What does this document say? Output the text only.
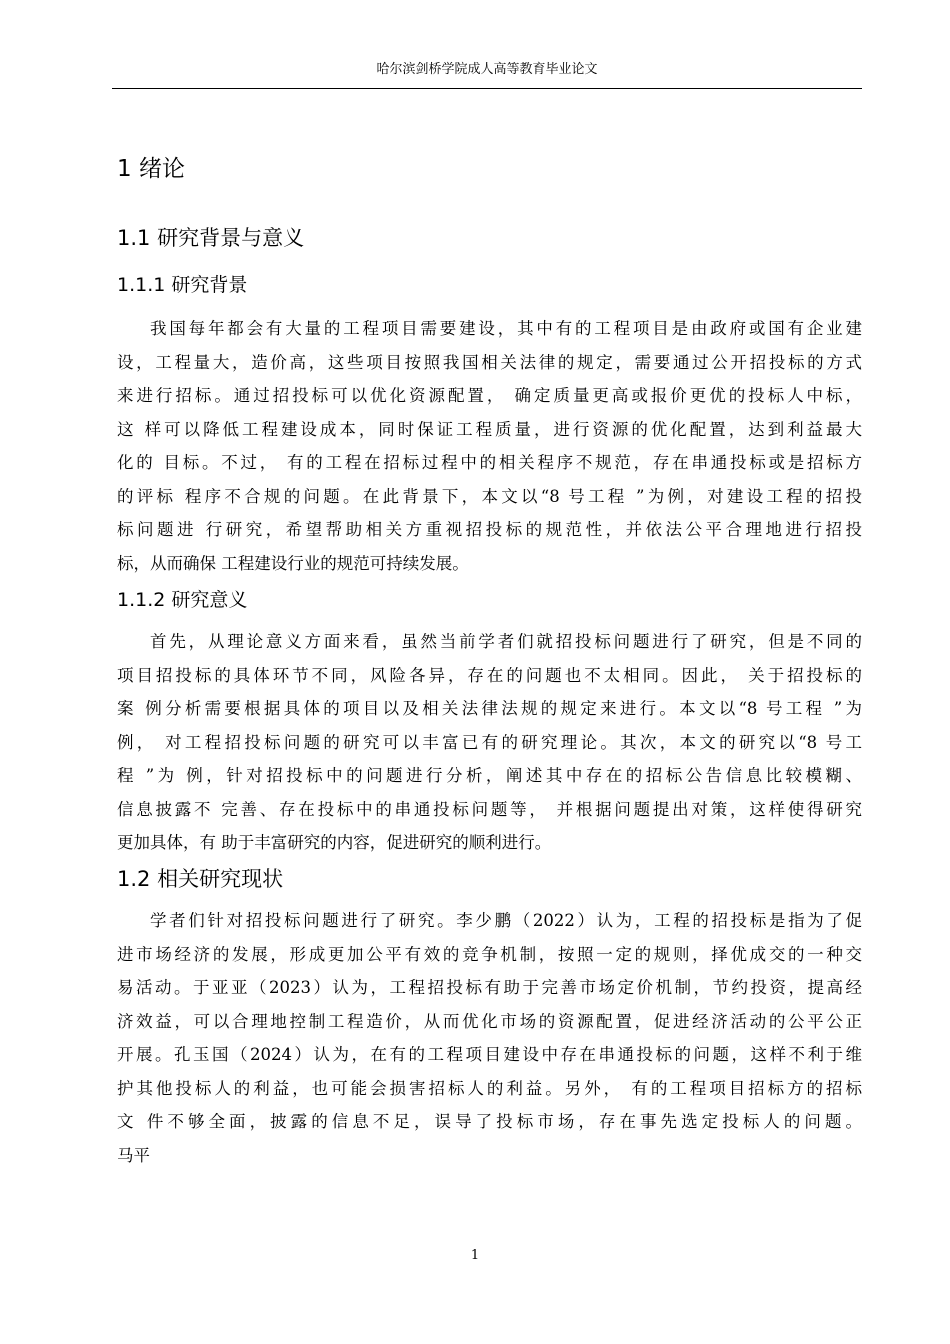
哈尔滨剑桥学院成人高等教育毕业论文
1 绪论
1.1 研究背景与意义
1.1.1 研究背景
我国每年都会有大量的工程项目需要建设，其中有的工程项目是由政府或国有企业建
设，工程量大，造价高，这些项目按照我国相关法律的规定，需要通过公开招投标的方式
来进行招标。通过招投标可以优化资源配置， 确定质量更高或报价更优的投标人中标，
这 样可以降低工程建设成本，同时保证工程质量，进行资源的优化配置，达到利益最大
化的 目标。不过， 有的工程在招标过程中的相关程序不规范，存在串通投标或是招标方
的评标 程序不合规的问题。在此背景下，本文以“8 号工程 ”为例，对建设工程的招投
标问题进 行研究，希望帮助相关方重视招投标的规范性，并依法公平合理地进行招投
标，从而确保 工程建设行业的规范可持续发展。
1.1.2 研究意义
首先，从理论意义方面来看，虽然当前学者们就招投标问题进行了研究，但是不同的
项目招投标的具体环节不同，风险各异，存在的问题也不太相同。因此， 关于招投标的
案 例分析需要根据具体的项目以及相关法律法规的规定来进行。本文以“8 号工程 ”为
例， 对工程招投标问题的研究可以丰富已有的研究理论。其次，本文的研究以“8 号工
程 ”为 例，针对招投标中的问题进行分析，阐述其中存在的招标公告信息比较模糊、
信息披露不 完善、存在投标中的串通投标问题等， 并根据问题提出对策，这样使得研究
更加具体，有 助于丰富研究的内容，促进研究的顺利进行。
1.2 相关研究现状
学者们针对招投标问题进行了研究。李少鹏（2022）认为，工程的招投标是指为了促
进市场经济的发展，形成更加公平有效的竞争机制，按照一定的规则，择优成交的一种交
易活动。于亚亚（2023）认为，工程招投标有助于完善市场定价机制，节约投资，提高经
济效益，可以合理地控制工程造价，从而优化市场的资源配置，促进经济活动的公平公正
开展。孔玉国（2024）认为，在有的工程项目建设中存在串通投标的问题，这样不利于维
护其他投标人的利益，也可能会损害招标人的利益。另外， 有的工程项目招标方的招标
文 件不够全面，披露的信息不足，误导了投标市场，存在事先选定投标人的问题。
马平
1
